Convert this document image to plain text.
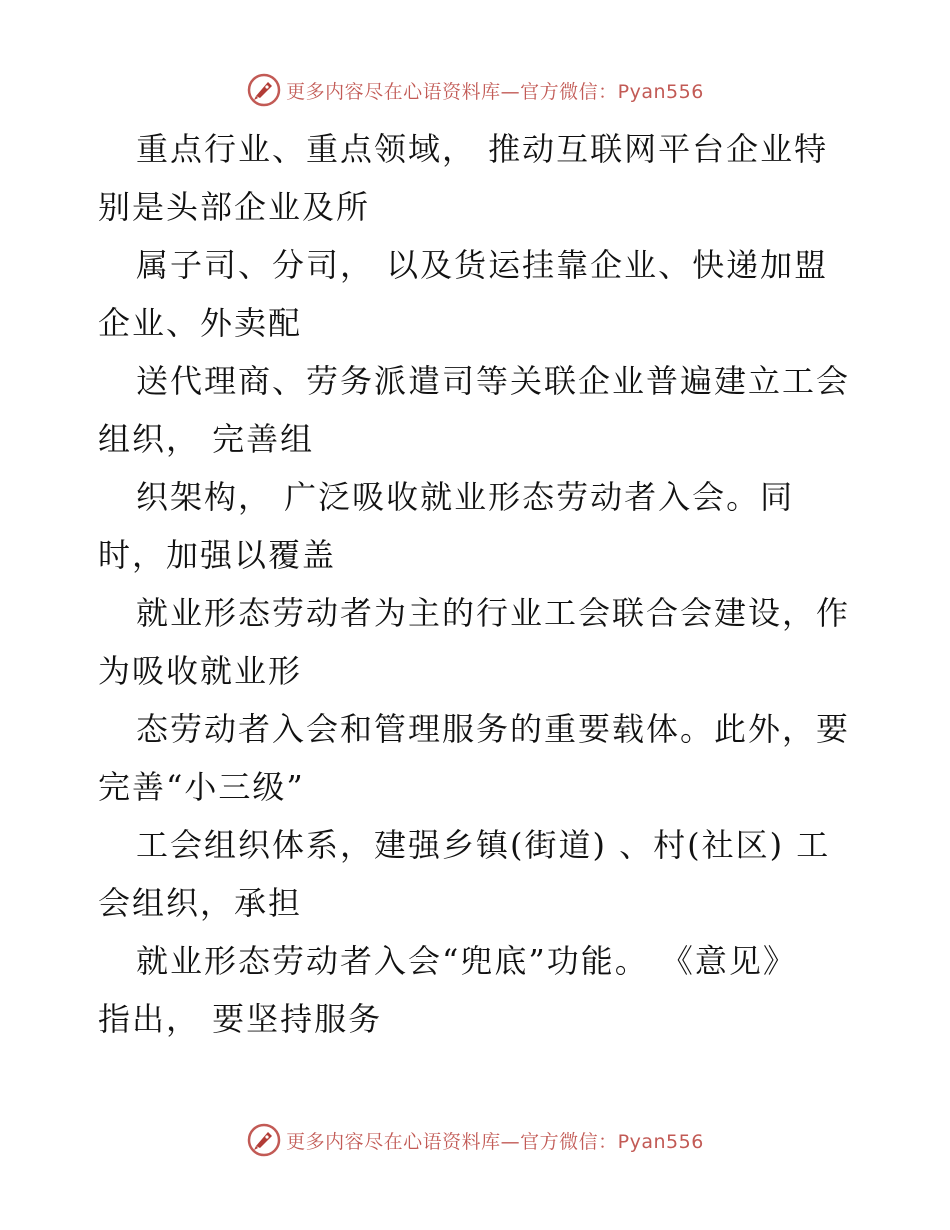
更多内容尽在心语资料库—官方微信：Pyan556

重点行业、重点领域， 推动互联网平台企业特
别是头部企业及所

属子司、分司， 以及货运挂靠企业、快递加盟
企业、外卖配

送代理商、劳务派遣司等关联企业普遍建立工会
组织， 完善组

织架构， 广泛吸收就业形态劳动者入会。同
时，加强以覆盖

就业形态劳动者为主的行业工会联合会建设，作
为吸收就业形

态劳动者入会和管理服务的重要载体。此外，要
完善“小三级”

工会组织体系，建强乡镇(街道) 、村(社区) 工
会组织，承担

就业形态劳动者入会“兜底”功能。 《意见》
指出， 要坚持服务

更多内容尽在心语资料库—官方微信：Pyan556
